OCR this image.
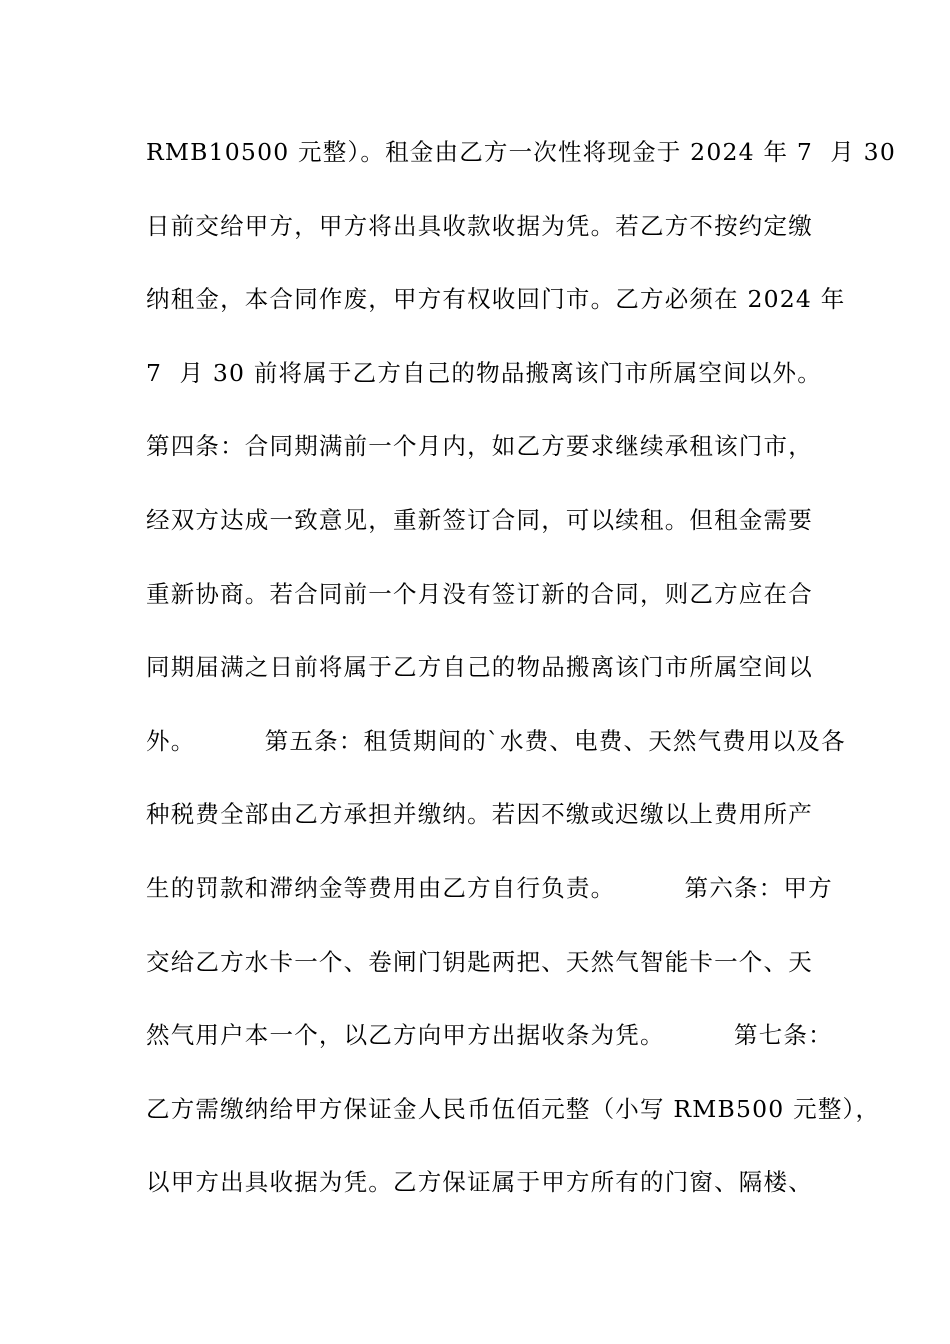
RMB10500 元整）。租金由乙方一次性将现金于 2024 年 7  月 30
日前交给甲方，甲方将出具收款收据为凭。若乙方不按约定缴
纳租金，本合同作废，甲方有权收回门市。乙方必须在 2024 年
7  月 30 前将属于乙方自己的物品搬离该门市所属空间以外。
第四条：合同期满前一个月内，如乙方要求继续承租该门市，
经双方达成一致意见，重新签订合同，可以续租。但租金需要
重新协商。若合同前一个月没有签订新的合同，则乙方应在合
同期届满之日前将属于乙方自己的物品搬离该门市所属空间以
外。        第五条：租赁期间的`水费、电费、天然气费用以及各
种税费全部由乙方承担并缴纳。若因不缴或迟缴以上费用所产
生的罚款和滞纳金等费用由乙方自行负责。        第六条：甲方
交给乙方水卡一个、卷闸门钥匙两把、天然气智能卡一个、天
然气用户本一个，以乙方向甲方出据收条为凭。        第七条：
乙方需缴纳给甲方保证金人民币伍佰元整（小写 RMB500 元整），
以甲方出具收据为凭。乙方保证属于甲方所有的门窗、隔楼、
